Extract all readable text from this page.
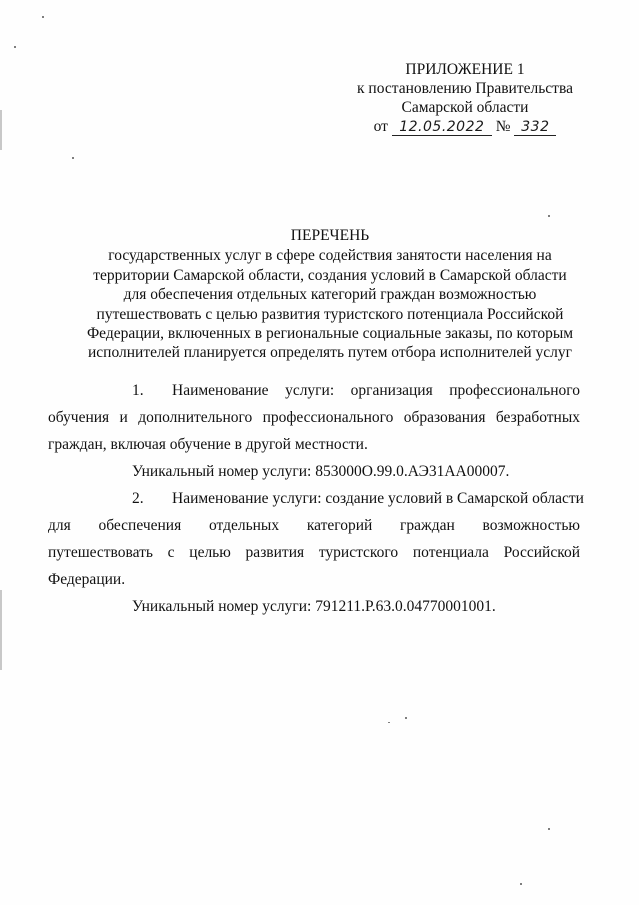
ПРИЛОЖЕНИЕ 1
к постановлению Правительства
Самарской области
от 12.05.2022 № 332
ПЕРЕЧЕНЬ
государственных услуг в сфере содействия занятости населения на
территории Самарской области, создания условий в Самарской области
для обеспечения отдельных категорий граждан возможностью
путешествовать с целью развития туристского потенциала Российской
Федерации, включенных в региональные социальные заказы, по которым
исполнителей планируется определять путем отбора исполнителей услуг
1. Наименование услуги: организация профессионального
обучения и дополнительного профессионального образования безработных
граждан, включая обучение в другой местности.
Уникальный номер услуги: 853000О.99.0.АЭ31АА00007.
2. Наименование услуги: создание условий в Самарской области
для обеспечения отдельных категорий граждан возможностью
путешествовать с целью развития туристского потенциала Российской
Федерации.
Уникальный номер услуги: 791211.Р.63.0.04770001001.
